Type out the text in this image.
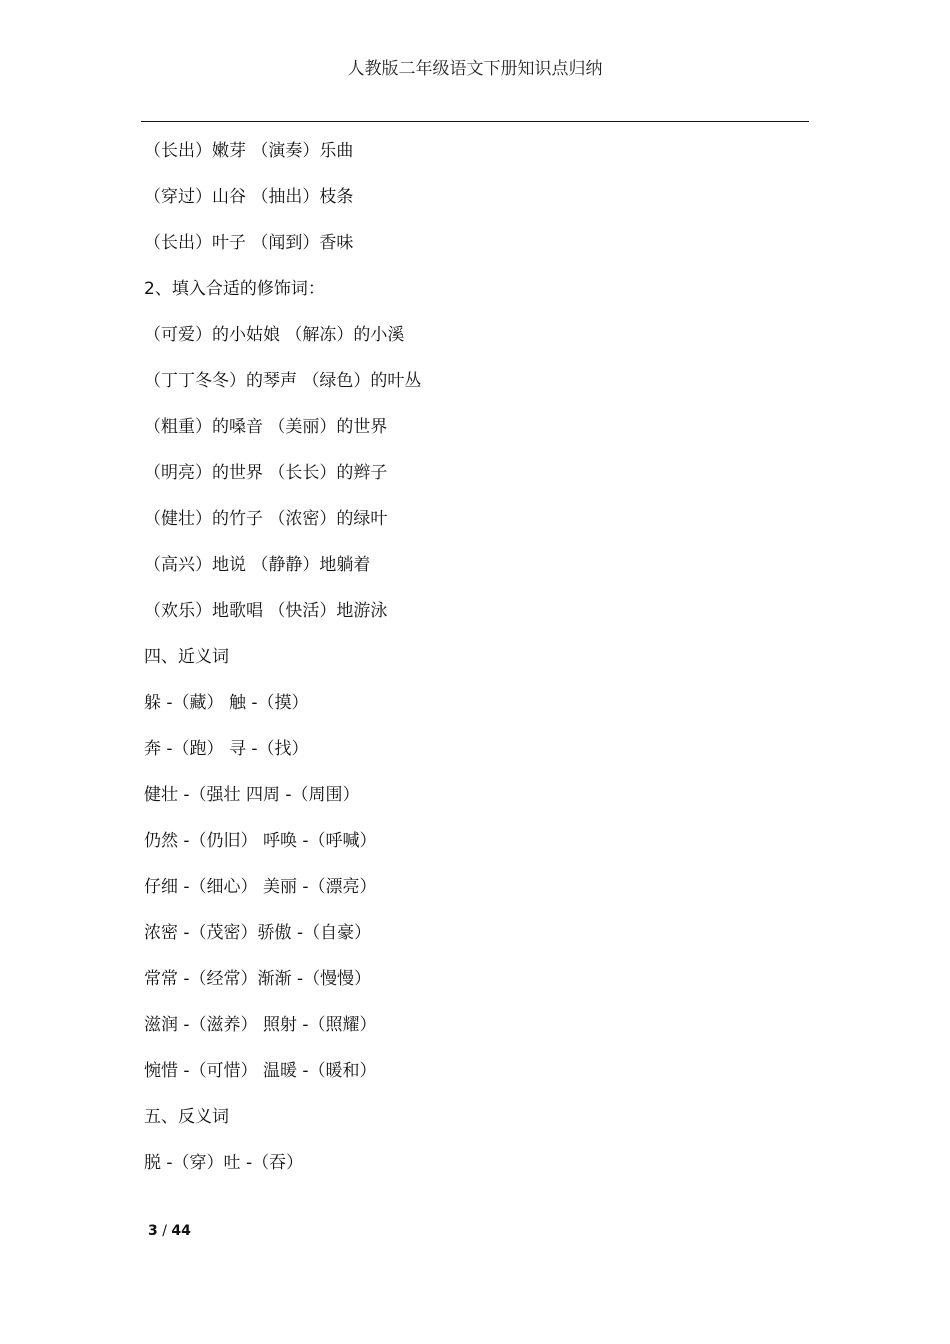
人教版二年级语文下册知识点归纳
（长出）嫩芽 （演奏）乐曲
（穿过）山谷 （抽出）枝条
（长出）叶子 （闻到）香味
2、填入合适的修饰词：
（可爱）的小姑娘 （解冻）的小溪
（丁丁冬冬）的琴声 （绿色）的叶丛
（粗重）的嗓音 （美丽）的世界
（明亮）的世界 （长长）的辫子
（健壮）的竹子 （浓密）的绿叶
（高兴）地说 （静静）地躺着
（欢乐）地歌唱 （快活）地游泳
四、近义词
躲 -（藏） 触 -（摸）
奔 -（跑） 寻 -（找）
健壮 -（强壮 四周 -（周围）
仍然 -（仍旧） 呼唤 -（呼喊）
仔细 -（细心） 美丽 -（漂亮）
浓密 -（茂密）骄傲 -（自豪）
常常 -（经常）渐渐 -（慢慢）
滋润 -（滋养） 照射 -（照耀）
惋惜 -（可惜） 温暖 -（暖和）
五、反义词
脱 -（穿）吐 -（吞）
3 / 44
